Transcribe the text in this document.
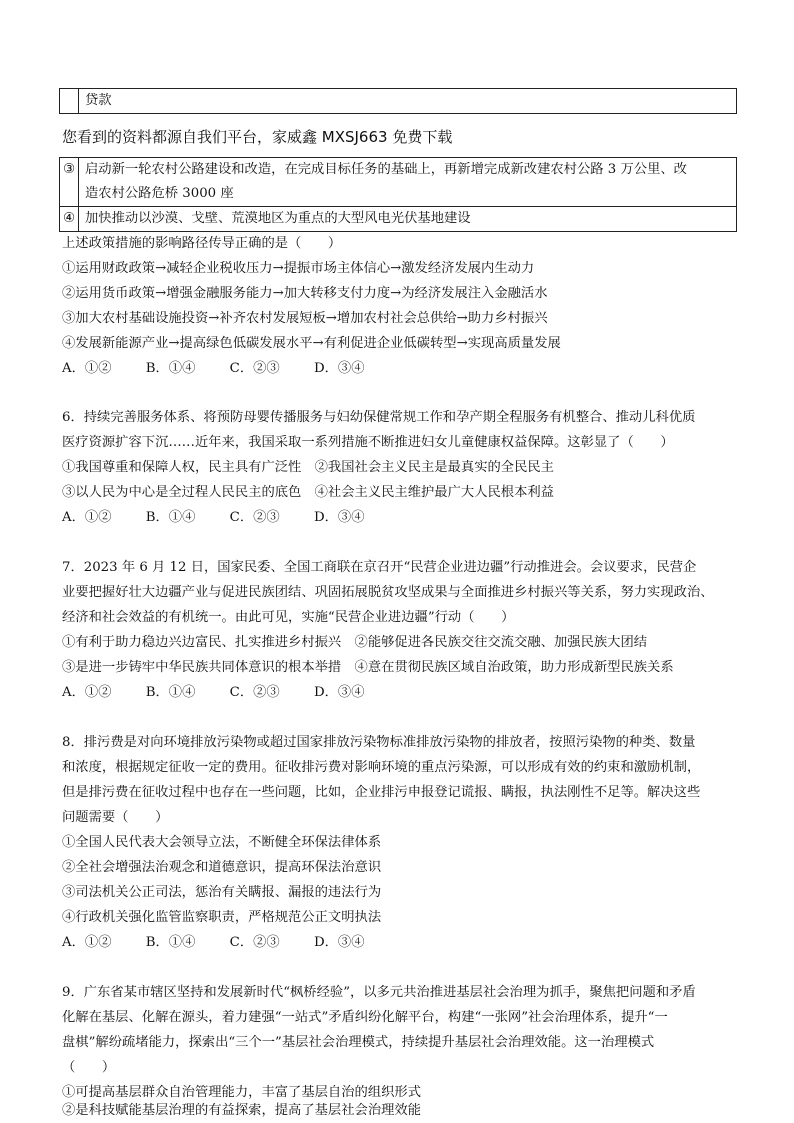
	贷款
您看到的资料都源自我们平台，家威鑫 MXSJ663 免费下载
③	启动新一轮农村公路建设和改造，在完成目标任务的基础上，再新增完成新改建农村公路 3 万公里、改
造农村公路危桥 3000 座

④	加快推动以沙漠、戈壁、荒漠地区为重点的大型风电光伏基地建设
上述政策措施的影响路径传导正确的是（　　）
①运用财政政策→减轻企业税收压力→提振市场主体信心→激发经济发展内生动力
②运用货币政策→增强金融服务能力→加大转移支付力度→为经济发展注入金融活水
③加大农村基础设施投资→补齐农村发展短板→增加农村社会总供给→助力乡村振兴
④发展新能源产业→提高绿色低碳发展水平→有利促进企业低碳转型→实现高质量发展
A．①②	B．①④	C．②③	D．③④
6．持续完善服务体系、将预防母婴传播服务与妇幼保健常规工作和孕产期全程服务有机整合、推动儿科优质
医疗资源扩容下沉……近年来，我国采取一系列措施不断推进妇女儿童健康权益保障。这彰显了（　　）
①我国尊重和保障人权，民主具有广泛性　②我国社会主义民主是最真实的全民民主
③以人民为中心是全过程人民民主的底色　④社会主义民主维护最广大人民根本利益
A．①②	B．①④	C．②③	D．③④
7．2023 年 6 月 12 日，国家民委、全国工商联在京召开“民营企业进边疆”行动推进会。会议要求，民营企
业要把握好壮大边疆产业与促进民族团结、巩固拓展脱贫攻坚成果与全面推进乡村振兴等关系，努力实现政治、
经济和社会效益的有机统一。由此可见，实施“民营企业进边疆”行动（　　）
①有利于助力稳边兴边富民、扎实推进乡村振兴　②能够促进各民族交往交流交融、加强民族大团结
③是进一步铸牢中华民族共同体意识的根本举措　④意在贯彻民族区域自治政策，助力形成新型民族关系
A．①②	B．①④	C．②③	D．③④
8．排污费是对向环境排放污染物或超过国家排放污染物标准排放污染物的排放者，按照污染物的种类、数量
和浓度，根据规定征收一定的费用。征收排污费对影响环境的重点污染源，可以形成有效的约束和激励机制，
但是排污费在征收过程中也存在一些问题，比如，企业排污申报登记谎报、瞒报，执法刚性不足等。解决这些
问题需要（　　）
①全国人民代表大会领导立法，不断健全环保法律体系
②全社会增强法治观念和道德意识，提高环保法治意识
③司法机关公正司法，惩治有关瞒报、漏报的违法行为
④行政机关强化监管监察职责，严格规范公正文明执法
A．①②	B．①④	C．②③	D．③④
9．广东省某市辖区坚持和发展新时代“枫桥经验”，以多元共治推进基层社会治理为抓手，聚焦把问题和矛盾
化解在基层、化解在源头，着力建强“一站式”矛盾纠纷化解平台，构建“一张网”社会治理体系，提升“一
盘棋”解纷疏堵能力，探索出“三个一”基层社会治理模式，持续提升基层社会治理效能。这一治理模式
（　　）
①可提高基层群众自治管理能力，丰富了基层自治的组织形式
②是科技赋能基层治理的有益探索，提高了基层社会治理效能
